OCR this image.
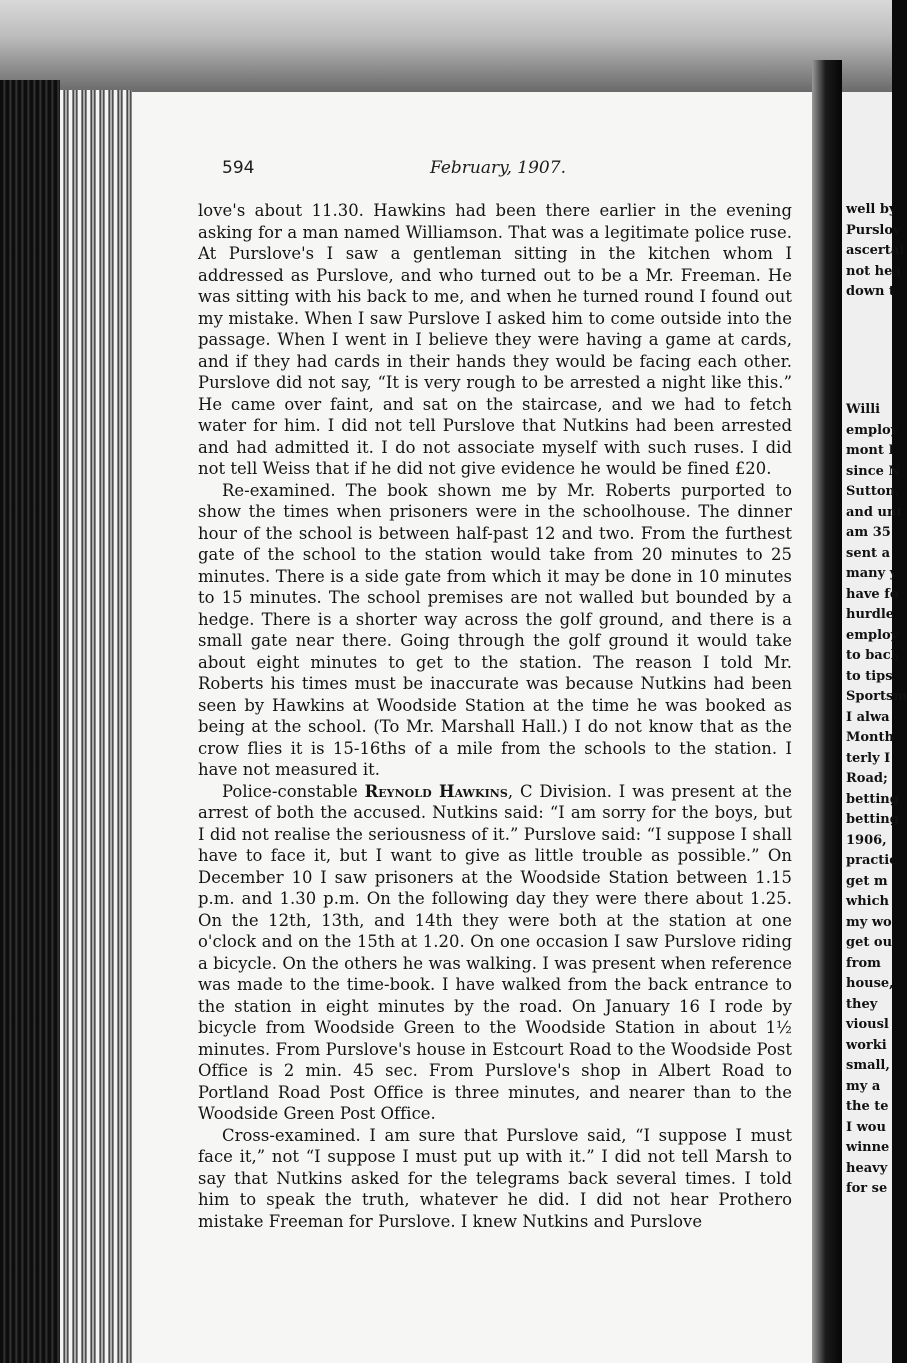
well by
Purslov
ascertai
not hea
down t
Willi
employ
mont I
since N
Sutton,
and unt
am 35
sent a
many y
have fo
hurdle
employ
to back
to tips
Sportsm
I alwa
Month
terly I
Road;
betting
betting
1906,
practic
get m
which
my wo
get ou
from
house,
they
viousl
worki
small,
my a
the te
I wou
winne
heavy
for se
594	February, 1907.

love's about 11.30. Hawkins had been there earlier in the evening asking for a man named Williamson. That was a legitimate police ruse. At Purslove's I saw a gentleman sitting in the kitchen whom I addressed as Purslove, and who turned out to be a Mr. Freeman. He was sitting with his back to me, and when he turned round I found out my mistake. When I saw Purslove I asked him to come outside into the passage. When I went in I believe they were having a game at cards, and if they had cards in their hands they would be facing each other. Purslove did not say, “It is very rough to be arrested a night like this.” He came over faint, and sat on the staircase, and we had to fetch water for him. I did not tell Purslove that Nutkins had been arrested and had admitted it. I do not associate myself with such ruses. I did not tell Weiss that if he did not give evidence he would be fined £20.

Re-examined. The book shown me by Mr. Roberts purported to show the times when prisoners were in the schoolhouse. The dinner hour of the school is between half-past 12 and two. From the furthest gate of the school to the station would take from 20 minutes to 25 minutes. There is a side gate from which it may be done in 10 minutes to 15 minutes. The school premises are not walled but bounded by a hedge. There is a shorter way across the golf ground, and there is a small gate near there. Going through the golf ground it would take about eight minutes to get to the station. The reason I told Mr. Roberts his times must be inaccurate was because Nutkins had been seen by Hawkins at Woodside Station at the time he was booked as being at the school. (To Mr. Marshall Hall.) I do not know that as the crow flies it is 15-16ths of a mile from the schools to the station. I have not measured it.

Police-constable Reynold Hawkins, C Division. I was present at the arrest of both the accused. Nutkins said: “I am sorry for the boys, but I did not realise the seriousness of it.” Purslove said: “I suppose I shall have to face it, but I want to give as little trouble as possible.” On December 10 I saw prisoners at the Woodside Station between 1.15 p.m. and 1.30 p.m. On the following day they were there about 1.25. On the 12th, 13th, and 14th they were both at the station at one o'clock and on the 15th at 1.20. On one occasion I saw Purslove riding a bicycle. On the others he was walking. I was present when reference was made to the time-book. I have walked from the back entrance to the station in eight minutes by the road. On January 16 I rode by bicycle from Woodside Green to the Woodside Station in about 1½ minutes. From Purslove's house in Estcourt Road to the Woodside Post Office is 2 min. 45 sec. From Purslove's shop in Albert Road to Portland Road Post Office is three minutes, and nearer than to the Woodside Green Post Office.

Cross-examined. I am sure that Purslove said, “I suppose I must face it,” not “I suppose I must put up with it.” I did not tell Marsh to say that Nutkins asked for the telegrams back several times. I told him to speak the truth, whatever he did. I did not hear Prothero mistake Freeman for Purslove. I knew Nutkins and Purslove
